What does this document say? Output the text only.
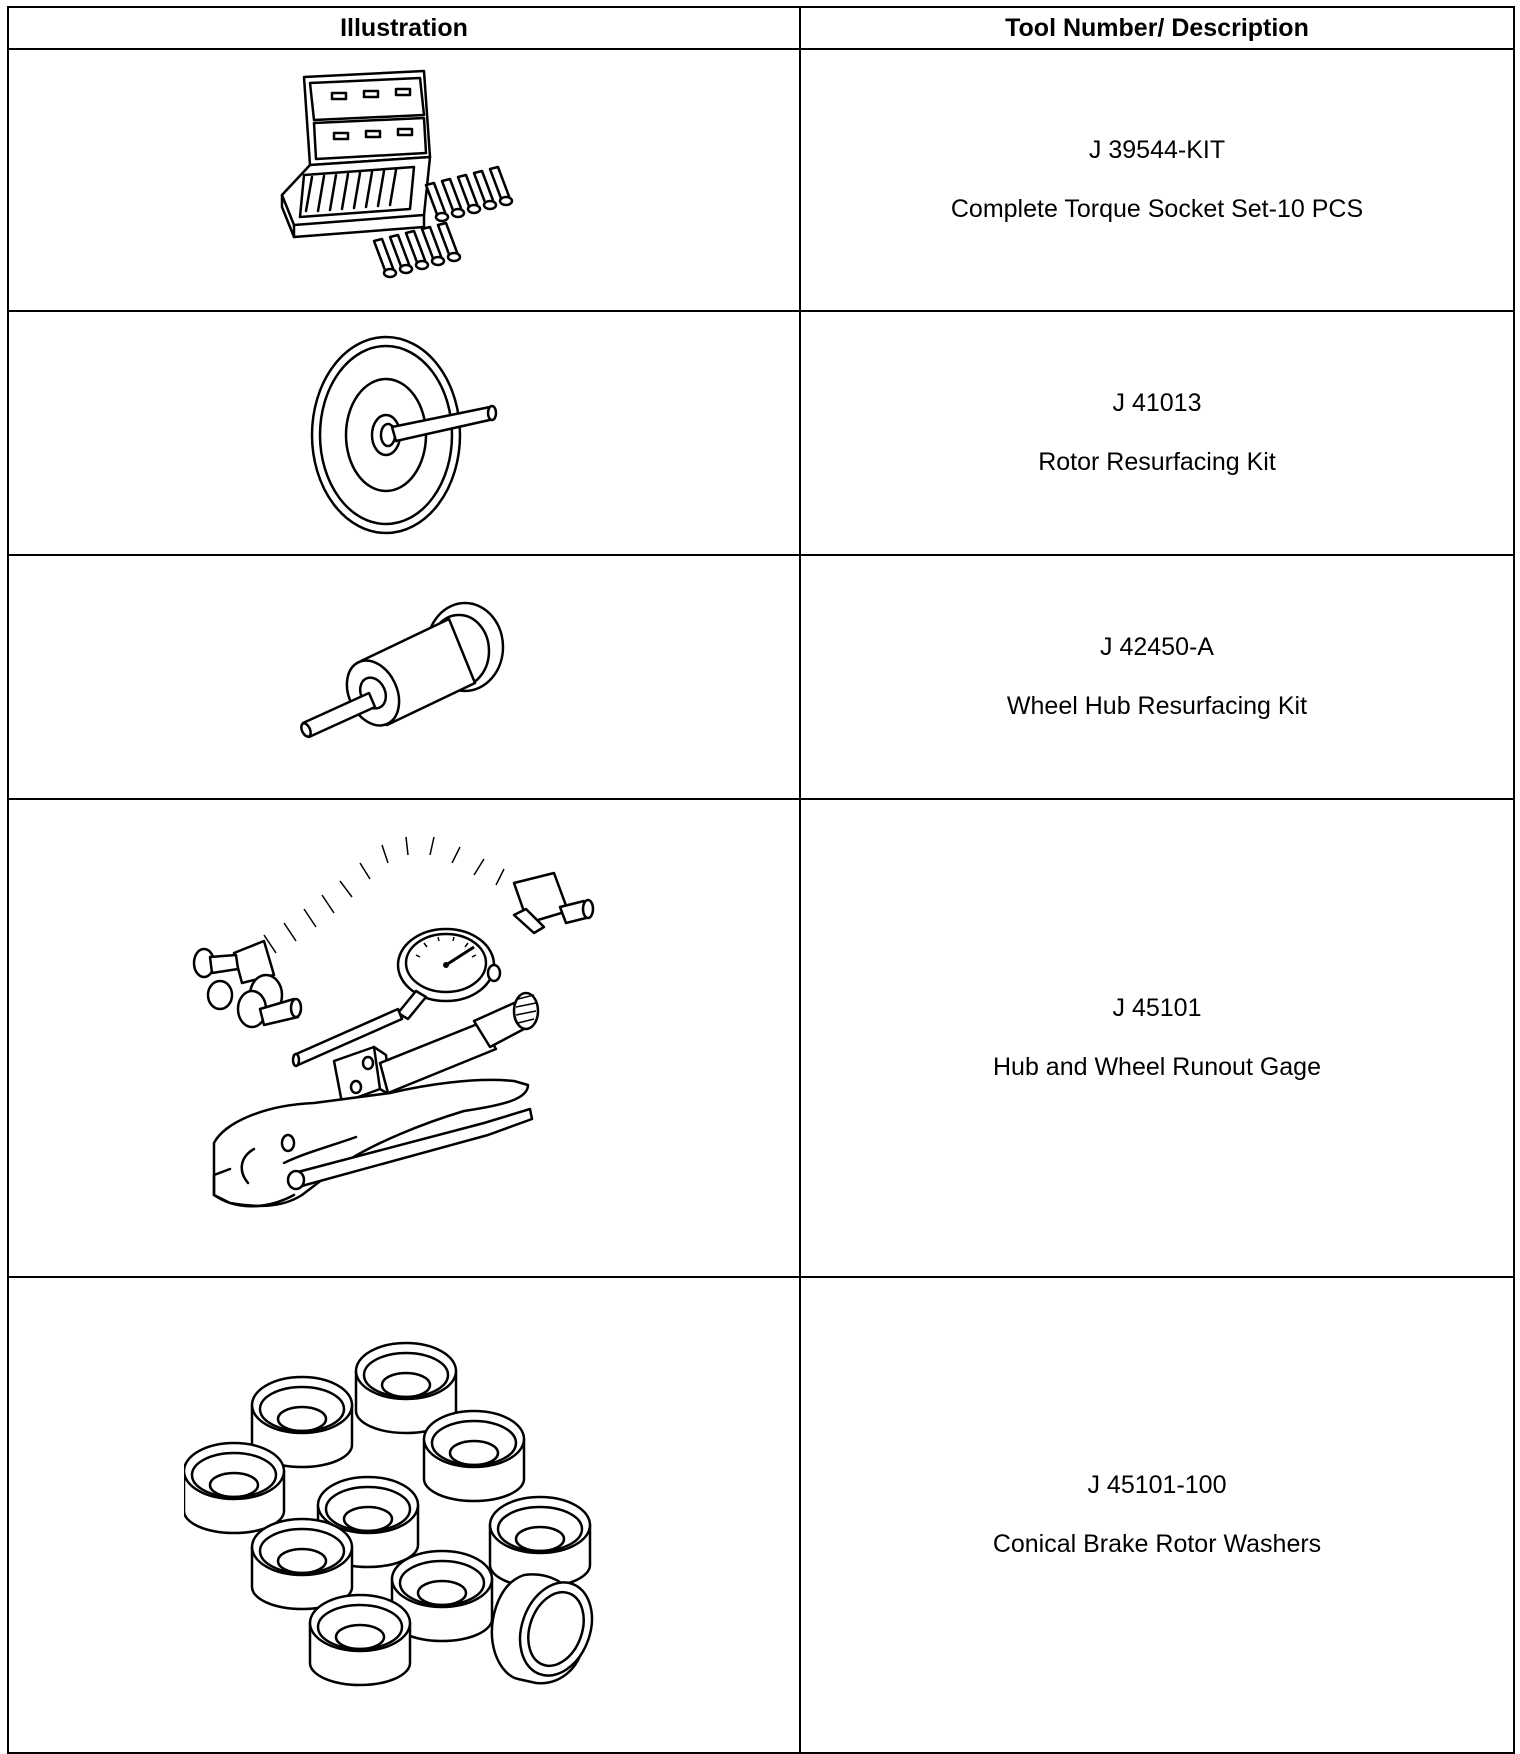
Illustration	Tool Number/ Description

J 39544-KIT
Complete Torque Socket Set-10 PCS

J 41013
Rotor Resurfacing Kit

J 42450-A
Wheel Hub Resurfacing Kit

J 45101
Hub and Wheel Runout Gage

J 45101-100
Conical Brake Rotor Washers
